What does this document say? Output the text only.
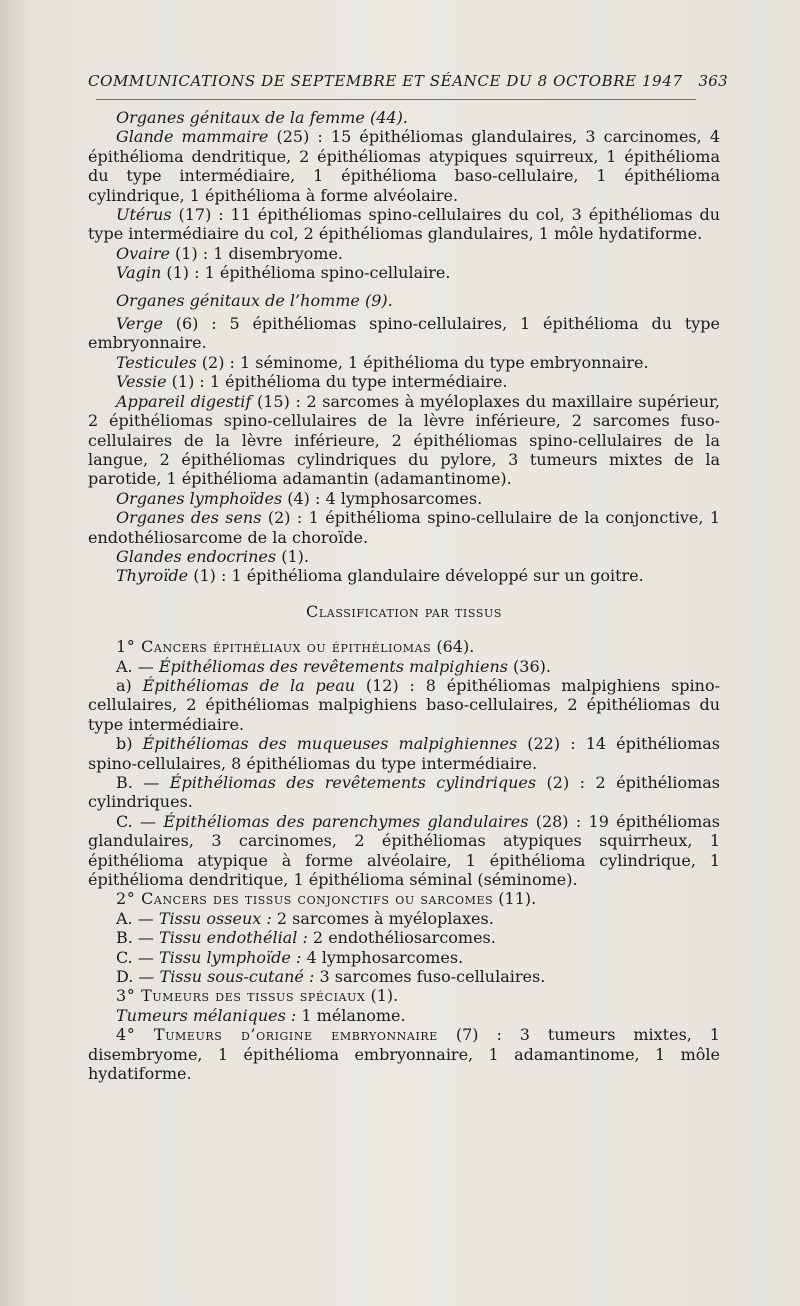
COMMUNICATIONS DE SEPTEMBRE ET SÉANCE DU 8 OCTOBRE 1947 363

Organes génitaux de la femme (44).

Glande mammaire (25) : 15 épithéliomas glandulaires, 3 carcinomes, 4 épithélioma dendritique, 2 épithéliomas atypiques squirreux, 1 épithélioma du type intermédiaire, 1 épithélioma baso-cellulaire, 1 épithélioma cylindrique, 1 épithélioma à forme alvéolaire.

Utérus (17) : 11 épithéliomas spino-cellulaires du col, 3 épithéliomas du type intermédiaire du col, 2 épithéliomas glandulaires, 1 môle hydatiforme.

Ovaire (1) : 1 disembryome.

Vagin (1) : 1 épithélioma spino-cellulaire.

Organes génitaux de l’homme (9).

Verge (6) : 5 épithéliomas spino-cellulaires, 1 épithélioma du type embryonnaire.

Testicules (2) : 1 séminome, 1 épithélioma du type embryonnaire.

Vessie (1) : 1 épithélioma du type intermédiaire.

Appareil digestif (15) : 2 sarcomes à myéloplaxes du maxillaire supérieur, 2 épithéliomas spino-cellulaires de la lèvre inférieure, 2 sarcomes fuso-cellulaires de la lèvre inférieure, 2 épithéliomas spino-cellulaires de la langue, 2 épithéliomas cylindriques du pylore, 3 tumeurs mixtes de la parotide, 1 épithélioma adamantin (adamantinome).

Organes lymphoïdes (4) : 4 lymphosarcomes.

Organes des sens (2) : 1 épithélioma spino-cellulaire de la conjonctive, 1 endothéliosarcome de la choroïde.

Glandes endocrines (1).

Thyroïde (1) : 1 épithélioma glandulaire développé sur un goitre.

Classification par tissus

1° Cancers épithéliaux ou épithéliomas (64).

A. — Épithéliomas des revêtements malpighiens (36).

a) Épithéliomas de la peau (12) : 8 épithéliomas malpighiens spino-cellulaires, 2 épithéliomas malpighiens baso-cellulaires, 2 épithéliomas du type intermédiaire.

b) Épithéliomas des muqueuses malpighiennes (22) : 14 épithéliomas spino-cellulaires, 8 épithéliomas du type intermédiaire.

B. — Épithéliomas des revêtements cylindriques (2) : 2 épithéliomas cylindriques.

C. — Épithéliomas des parenchymes glandulaires (28) : 19 épithéliomas glandulaires, 3 carcinomes, 2 épithéliomas atypiques squirrheux, 1 épithélioma atypique à forme alvéolaire, 1 épithélioma cylindrique, 1 épithélioma dendritique, 1 épithélioma séminal (séminome).

2° Cancers des tissus conjonctifs ou sarcomes (11).

A. — Tissu osseux : 2 sarcomes à myéloplaxes.

B. — Tissu endothélial : 2 endothéliosarcomes.

C. — Tissu lymphoïde : 4 lymphosarcomes.

D. — Tissu sous-cutané : 3 sarcomes fuso-cellulaires.

3° Tumeurs des tissus spéciaux (1).

Tumeurs mélaniques : 1 mélanome.

4° Tumeurs d’origine embryonnaire (7) : 3 tumeurs mixtes, 1 disembryome, 1 épithélioma embryonnaire, 1 adamantinome, 1 môle hydatiforme.
